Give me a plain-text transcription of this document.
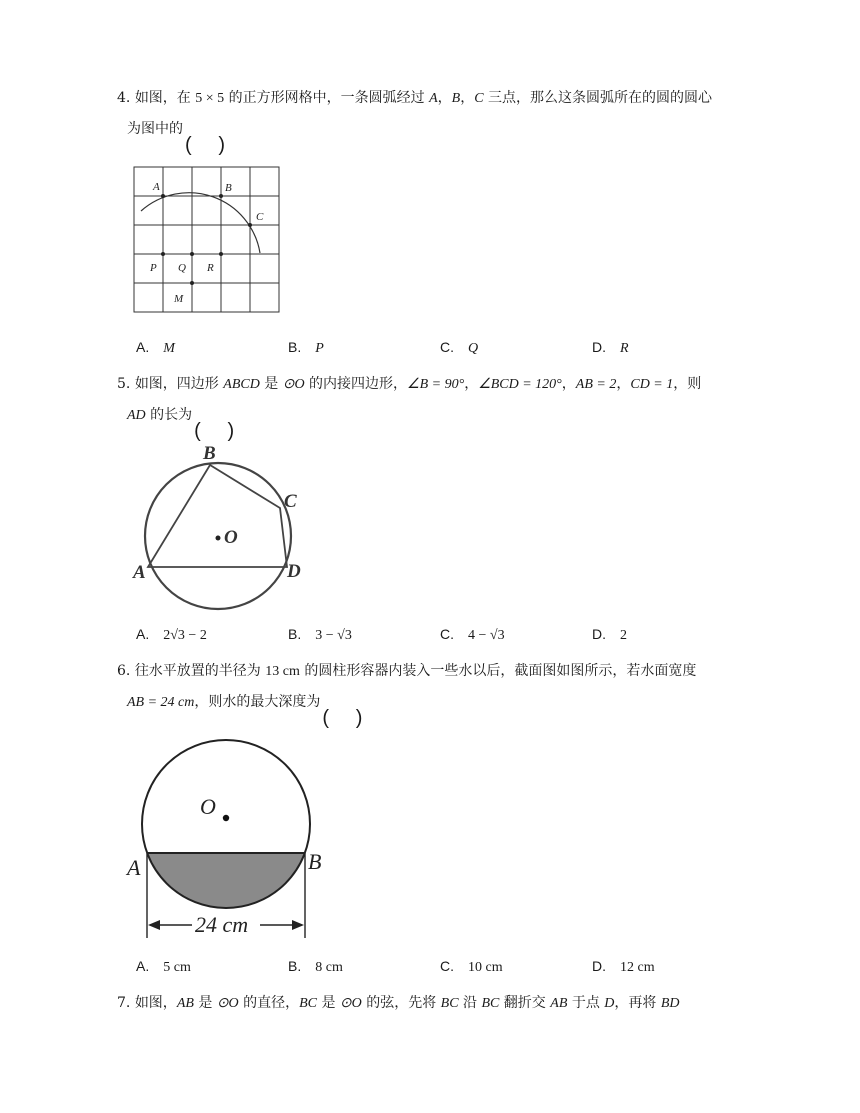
4. 如图，在 5 × 5 的正方形网格中，一条圆弧经过 A，B，C 三点，那么这条圆弧所在的圆的圆心
为图中的
A	B
C
P Q R
M
A. M	B. P	C. Q	D. R
5. 如图，四边形 ABCD 是 ⊙O 的内接四边形，∠B = 90°，∠BCD = 120°，AB = 2，CD = 1，则
AD 的长为
A
B
C
D
O
A. 2√3 − 2	B. 3 − √3	C. 4 − √3	D. 2
6. 往水平放置的半径为 13 cm 的圆柱形容器内装入一些水以后，截面图如图所示，若水面宽度
AB = 24 cm，则水的最大深度为
O
A	B
24 cm
A. 5 cm	B. 8 cm	C. 10 cm	D. 12 cm
7. 如图，AB 是 ⊙O 的直径，BC 是 ⊙O 的弦，先将 BC 沿 BC 翻折交 AB 于点 D，再将 BD
